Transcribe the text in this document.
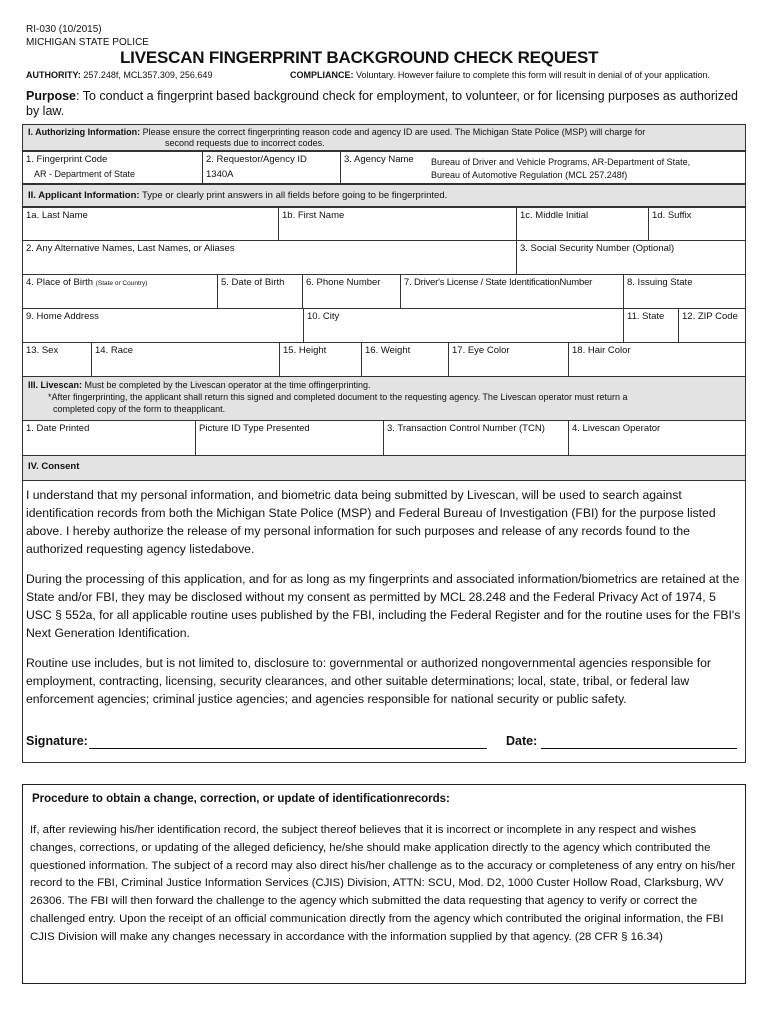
RI-030 (10/2015)
MICHIGAN STATE POLICE
LIVESCAN FINGERPRINT BACKGROUND CHECK REQUEST
AUTHORITY: 257.248f, MCL357.309, 256.649	COMPLIANCE: Voluntary. However failure to complete this form will result in denial of of your application.
Purpose: To conduct a fingerprint based background check for employment, to volunteer, or for licensing purposes as authorized by law.
I. Authorizing Information: Please ensure the correct fingerprinting reason code and agency ID are used. The Michigan State Police (MSP) will charge for
second requests due to incorrect codes.
1. Fingerprint Code
AR - Department of State
2. Requestor/Agency ID
1340A
3. Agency Name Bureau of Driver and Vehicle Programs, AR-Department of State,
Bureau of Automotive Regulation (MCL 257.248f)
II. Applicant Information: Type or clearly print answers in all fields before going to be fingerprinted.
1a. Last Name	1b. First Name	1c. Middle Initial	1d. Suffix
2. Any Alternative Names, Last Names, or Aliases	3. Social Security Number (Optional)
4. Place of Birth (State or Country)	5. Date of Birth	6. Phone Number	7. Driver's License / State IdentificationNumber	8. Issuing State
9. Home Address	10. City	11. State	12. ZIP Code
13. Sex	14. Race	15. Height	16. Weight	17. Eye Color	18. Hair Color
III. Livescan: Must be completed by the Livescan operator at the time offingerprinting.
*After fingerprinting, the applicant shall return this signed and completed document to the requesting agency. The Livescan operator must return a
completed copy of the form to theapplicant.
1. Date Printed	Picture ID Type Presented	3. Transaction Control Number (TCN)	4. Livescan Operator
IV. Consent
I understand that my personal information, and biometric data being submitted by Livescan, will be used to search against identification records from both the Michigan State Police (MSP) and Federal Bureau of Investigation (FBI) for the purpose listed above. I hereby authorize the release of my personal information for such purposes and release of any records found to the authorized requesting agency listedabove.
During the processing of this application, and for as long as my fingerprints and associated information/biometrics are retained at the State and/or FBI, they may be disclosed without my consent as permitted by MCL 28.248 and the Federal Privacy Act of 1974, 5 USC § 552a, for all applicable routine uses published by the FBI, including the Federal Register and for the routine uses for the FBI's Next Generation Identification.
Routine use includes, but is not limited to, disclosure to: governmental or authorized nongovernmental agencies responsible for employment, contracting, licensing, security clearances, and other suitable determinations; local, state, tribal, or federal law enforcement agencies; criminal justice agencies; and agencies responsible for national security or public safety.
Signature:	Date:
Procedure to obtain a change, correction, or update of identificationrecords:
If, after reviewing his/her identification record, the subject thereof believes that it is incorrect or incomplete in any respect and wishes changes, corrections, or updating of the alleged deficiency, he/she should make application directly to the agency which contributed the questioned information. The subject of a record may also direct his/her challenge as to the accuracy or completeness of any entry on his/her record to the FBI, Criminal Justice Information Services (CJIS) Division, ATTN: SCU, Mod. D2, 1000 Custer Hollow Road, Clarksburg, WV 26306. The FBI will then forward the challenge to the agency which submitted the data requesting that agency to verify or correct the challenged entry. Upon the receipt of an official communication directly from the agency which contributed the original information, the FBI CJIS Division will make any changes necessary in accordance with the information supplied by that agency. (28 CFR § 16.34)
